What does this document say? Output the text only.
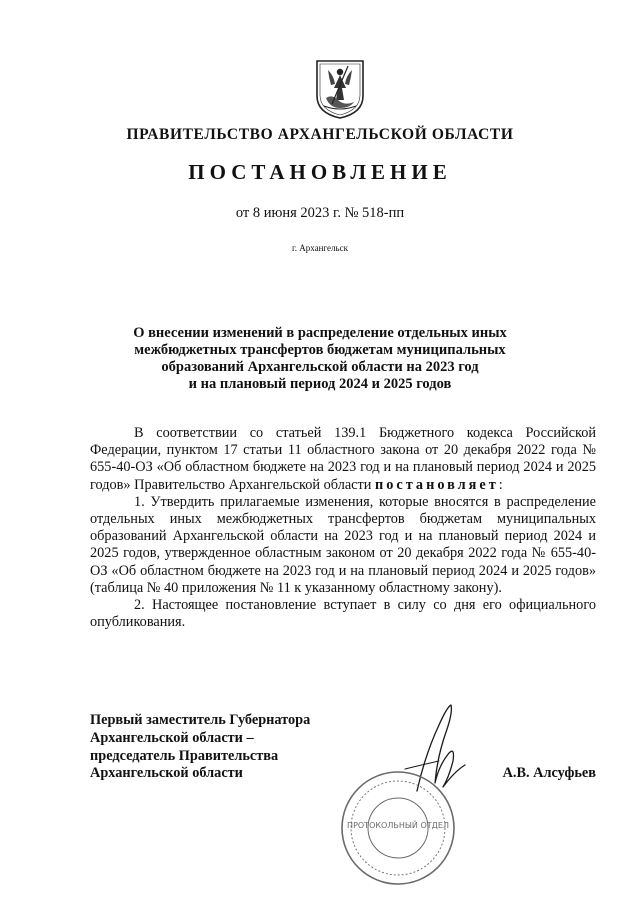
ПРАВИТЕЛЬСТВО АРХАНГЕЛЬСКОЙ ОБЛАСТИ
ПОСТАНОВЛЕНИЕ
от 8 июня 2023 г. № 518-пп
г. Архангельск
О внесении изменений в распределение отдельных иных
межбюджетных трансфертов бюджетам муниципальных
образований Архангельской области на 2023 год
и на плановый период 2024 и 2025 годов

В соответствии со статьей 139.1 Бюджетного кодекса Российской Федерации, пунктом 17 статьи 11 областного закона от 20 декабря 2022 года № 655-40-ОЗ «Об областном бюджете на 2023 год и на плановый период 2024 и 2025 годов» Правительство Архангельской области постановляет:

1. Утвердить прилагаемые изменения, которые вносятся в распределение отдельных иных межбюджетных трансфертов бюджетам муниципальных образований Архангельской области на 2023 год и на плановый период 2024 и 2025 годов, утвержденное областным законом от 20 декабря 2022 года № 655-40-ОЗ «Об областном бюджете на 2023 год и на плановый период 2024 и 2025 годов» (таблица № 40 приложения № 11 к указанному областному закону).

2. Настоящее постановление вступает в силу со дня его официального опубликования.

Первый заместитель Губернатора
Архангельской области –
председатель Правительства
Архангельской области	А.В. Алсуфьев
ПРОТОКОЛЬНЫЙ ОТДЕЛ
